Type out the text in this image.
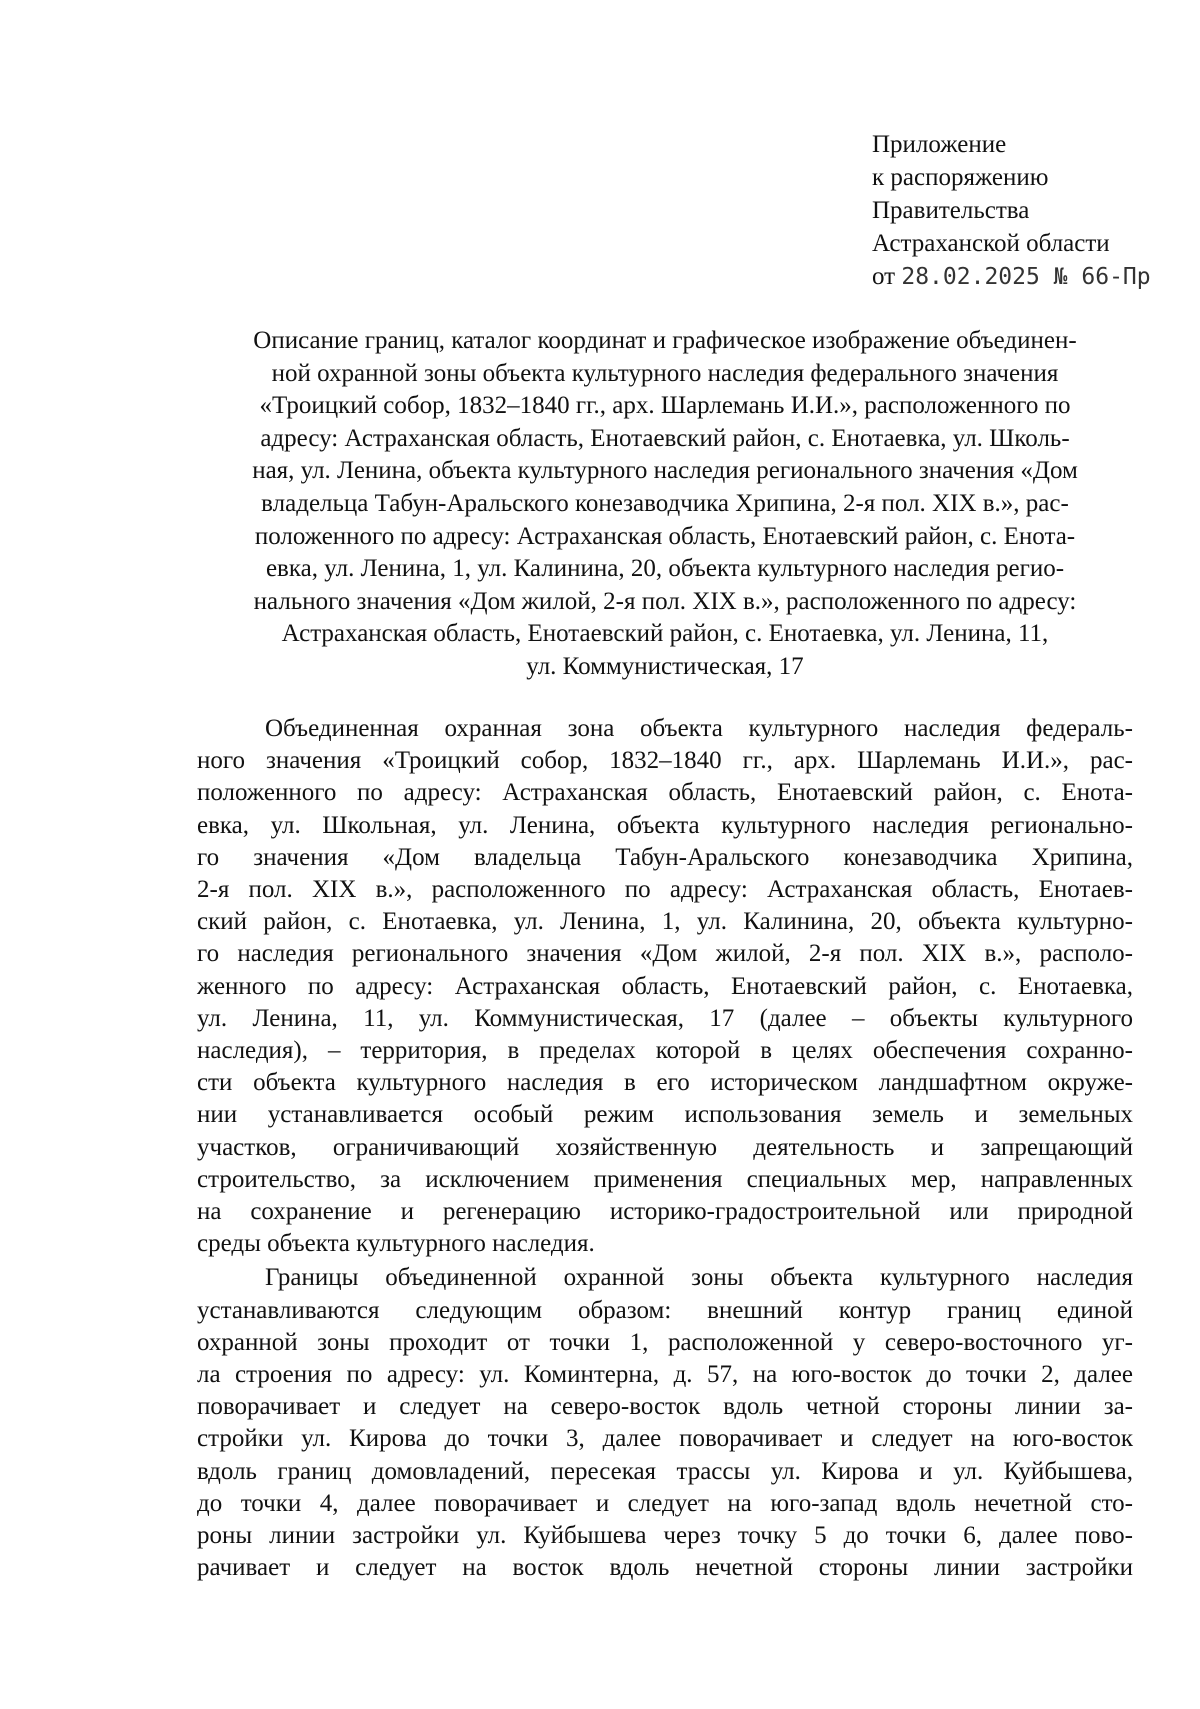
Приложение
к распоряжению
Правительства
Астраханской области
от 28.02.2025 № 66-Пр
Описание границ, каталог координат и графическое изображение объединен-
ной охранной зоны объекта культурного наследия федерального значения
«Троицкий собор, 1832–1840 гг., арх. Шарлемань И.И.», расположенного по
адресу: Астраханская область, Енотаевский район, с. Енотаевка, ул. Школь-
ная, ул. Ленина, объекта культурного наследия регионального значения «Дом
владельца Табун-Аральского конезаводчика Хрипина, 2-я пол. XIX в.», рас-
положенного по адресу: Астраханская область, Енотаевский район, с. Енота-
евка, ул. Ленина, 1, ул. Калинина, 20, объекта культурного наследия регио-
нального значения «Дом жилой, 2-я пол. XIX в.», расположенного по адресу:
Астраханская область, Енотаевский район, с. Енотаевка, ул. Ленина, 11,
ул. Коммунистическая, 17
Объединенная охранная зона объекта культурного наследия федераль-
ного значения «Троицкий собор, 1832–1840 гг., арх. Шарлемань И.И.», рас-
положенного по адресу: Астраханская область, Енотаевский район, с. Енота-
евка, ул. Школьная, ул. Ленина, объекта культурного наследия регионально-
го значения «Дом владельца Табун-Аральского конезаводчика Хрипина,
2-я пол. XIX в.», расположенного по адресу: Астраханская область, Енотаев-
ский район, с. Енотаевка, ул. Ленина, 1, ул. Калинина, 20, объекта культурно-
го наследия регионального значения «Дом жилой, 2-я пол. XIX в.», располо-
женного по адресу: Астраханская область, Енотаевский район, с. Енотаевка,
ул. Ленина, 11, ул. Коммунистическая, 17 (далее – объекты культурного
наследия), – территория, в пределах которой в целях обеспечения сохранно-
сти объекта культурного наследия в его историческом ландшафтном окруже-
нии устанавливается особый режим использования земель и земельных
участков, ограничивающий хозяйственную деятельность и запрещающий
строительство, за исключением применения специальных мер, направленных
на сохранение и регенерацию историко-градостроительной или природной
среды объекта культурного наследия.
Границы объединенной охранной зоны объекта культурного наследия
устанавливаются следующим образом: внешний контур границ единой
охранной зоны проходит от точки 1, расположенной у северо-восточного уг-
ла строения по адресу: ул. Коминтерна, д. 57, на юго-восток до точки 2, далее
поворачивает и следует на северо-восток вдоль четной стороны линии за-
стройки ул. Кирова до точки 3, далее поворачивает и следует на юго-восток
вдоль границ домовладений, пересекая трассы ул. Кирова и ул. Куйбышева,
до точки 4, далее поворачивает и следует на юго-запад вдоль нечетной сто-
роны линии застройки ул. Куйбышева через точку 5 до точки 6, далее пово-
рачивает и следует на восток вдоль нечетной стороны линии застройки
